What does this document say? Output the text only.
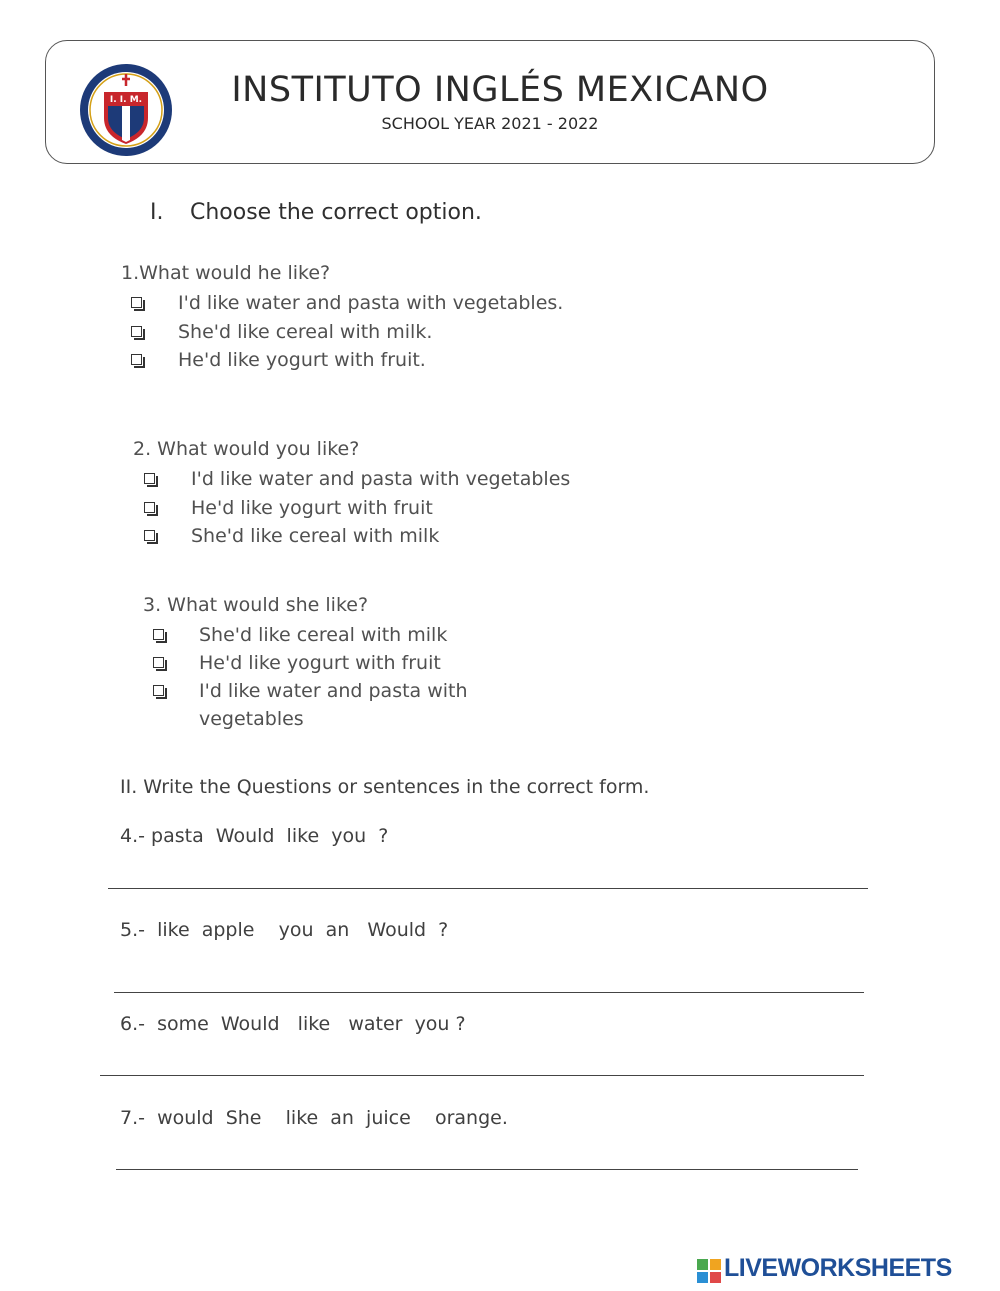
I. I. M.	INSTITUTO INGLÉS MEXICANO
SCHOOL YEAR 2021 - 2022
I. Choose the correct option.
1.What would he like?
I'd like water and pasta with vegetables.
She'd like cereal with milk.
He'd like yogurt with fruit.
2. What would you like?
I'd like water and pasta with vegetables
He'd like yogurt with fruit
She'd like cereal with milk
3. What would she like?
She'd like cereal with milk
He'd like yogurt with fruit
I'd like water and pasta with
vegetables
II. Write the Questions or sentences in the correct form.
4.- pasta  Would  like  you  ?
5.-  like  apple    you  an   Would  ?
6.-  some  Would   like   water  you ?
7.-  would  She    like  an  juice    orange.
LIVEWORKSHEETS
